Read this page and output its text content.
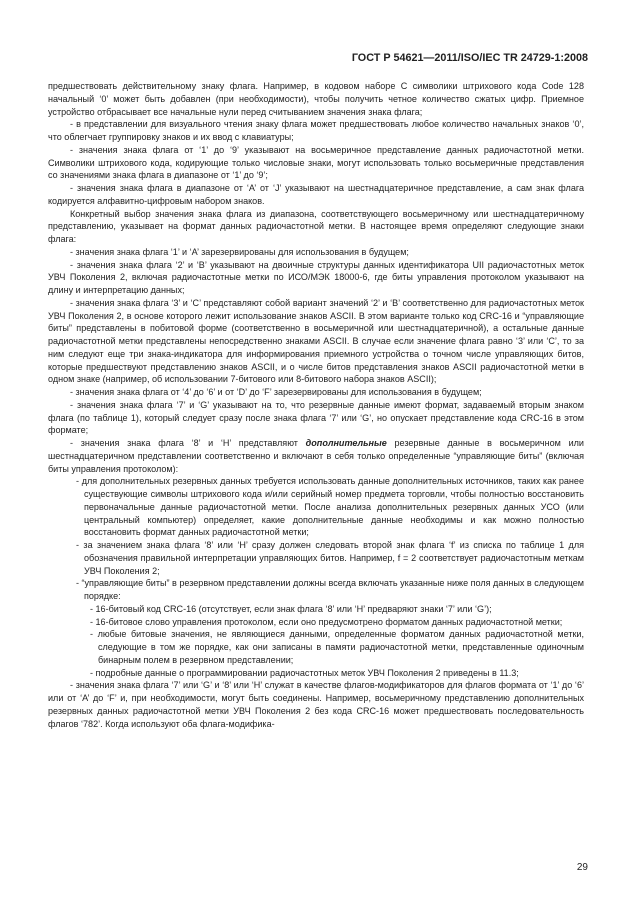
ГОСТ Р 54621—2011/ISO/IEC TR 24729-1:2008

предшествовать действительному знаку флага. Например, в кодовом наборе С символики штрихового кода Code 128 начальный ‘0’ может быть добавлен (при необходимости), чтобы получить четное количество сжатых цифр. Приемное устройство отбрасывает все начальные нули перед считыванием значения знака флага;

- в представлении для визуального чтения знаку флага может предшествовать любое количество начальных знаков ‘0’, что облегчает группировку знаков и их ввод с клавиатуры;

- значения знака флага от ‘1’ до ‘9’ указывают на восьмеричное представление данных радиочастотной метки. Символики штрихового кода, кодирующие только числовые знаки, могут использовать только восьмеричные представления со значениями знака флага в диапазоне от ‘1’ до ‘9’;

- значения знака флага в диапазоне от ‘A’ от ‘J’ указывают на шестнадцатеричное представление, а сам знак флага кодируется алфавитно-цифровым набором знаков.

Конкретный выбор значения знака флага из диапазона, соответствующего восьмеричному или шестнадцатеричному представлению, указывает на формат данных радиочастотной метки. В настоящее время определяют следующие знаки флага:

- значения знака флага ‘1’ и ‘A’ зарезервированы для использования в будущем;

- значения знака флага ‘2’ и ‘B’ указывают на двоичные структуры данных идентификатора UII радиочастотных меток УВЧ Поколения 2, включая радиочастотные метки по ИСО/МЭК 18000-6, где биты управления протоколом указывают на длину и интерпретацию данных;

- значения знака флага ‘3’ и ‘C’ представляют собой вариант значений ‘2’ и ‘B’ соответственно для радиочастотных меток УВЧ Поколения 2, в основе которого лежит использование знаков ASCII. В этом варианте только код CRC-16 и “управляющие биты” представлены в побитовой форме (соответственно в восьмеричной или шестнадцатеричной), а остальные данные радиочастотной метки представлены непосредственно знаками ASCII. В случае если значение флага равно ‘3’ или ‘C’, то за ним следуют еще три знака-индикатора для информирования приемного устройства о точном числе управляющих битов, которые предшествуют представлению знаков ASCII, и о числе битов представления знаков ASCII радиочастотной метки в одном знаке (например, об использовании 7-битового или 8-битового набора знаков ASCII);

- значения знака флага от ‘4’ до ‘6’ и от ‘D’ до ‘F’ зарезервированы для использования в будущем;

- значения знака флага ‘7’ и ‘G’ указывают на то, что резервные данные имеют формат, задаваемый вторым знаком флага (по таблице 1), который следует сразу после знака флага ‘7’ или ‘G’, но опускает представление кода CRC-16 в этом формате;

- значения знака флага ‘8’ и ‘H’ представляют дополнительные резервные данные в восьмеричном или шестнадцатеричном представлении соответственно и включают в себя только определенные “управляющие биты” (включая биты управления протоколом):

- для дополнительных резервных данных требуется использовать данные дополнительных источников, таких как ранее существующие символы штрихового кода и/или серийный номер предмета торговли, чтобы полностью восстановить первоначальные данные радиочастотной метки. После анализа дополнительных резервных данных УСО (или центральный компьютер) определяет, какие дополнительные данные необходимы и как можно полностью восстановить формат данных радиочастотной метки;

- за значением знака флага ‘8’ или ‘H’ сразу должен следовать второй знак флага ‘f’ из списка по таблице 1 для обозначения правильной интерпретации управляющих битов. Например, f = 2 соответствует радиочастотным меткам УВЧ Поколения 2;

- “управляющие биты” в резервном представлении должны всегда включать указанные ниже поля данных в следующем порядке:

- 16-битовый код CRC-16 (отсутствует, если знак флага ‘8’ или ‘H’ предваряют знаки ‘7’ или ‘G’);

- 16-битовое слово управления протоколом, если оно предусмотрено форматом данных радиочастотной метки;

- любые битовые значения, не являющиеся данными, определенные форматом данных радиочастотной метки, следующие в том же порядке, как они записаны в памяти радиочастотной метки, представленные одиночным бинарным полем в резервном представлении;

- подробные данные о программировании радиочастотных меток УВЧ Поколения 2 приведены в 11.3;

- значения знака флага ‘7’ или ‘G’ и ‘8’ или ‘H’ служат в качестве флагов-модификаторов для флагов формата от ‘1’ до ‘6’ или от ‘A’ до ‘F’ и, при необходимости, могут быть соединены. Например, восьмеричному представлению дополнительных резервных данных радиочастотной метки УВЧ Поколения 2 без кода CRC-16 может предшествовать последовательность флагов ‘782’. Когда используют оба флага-модифика-

29
